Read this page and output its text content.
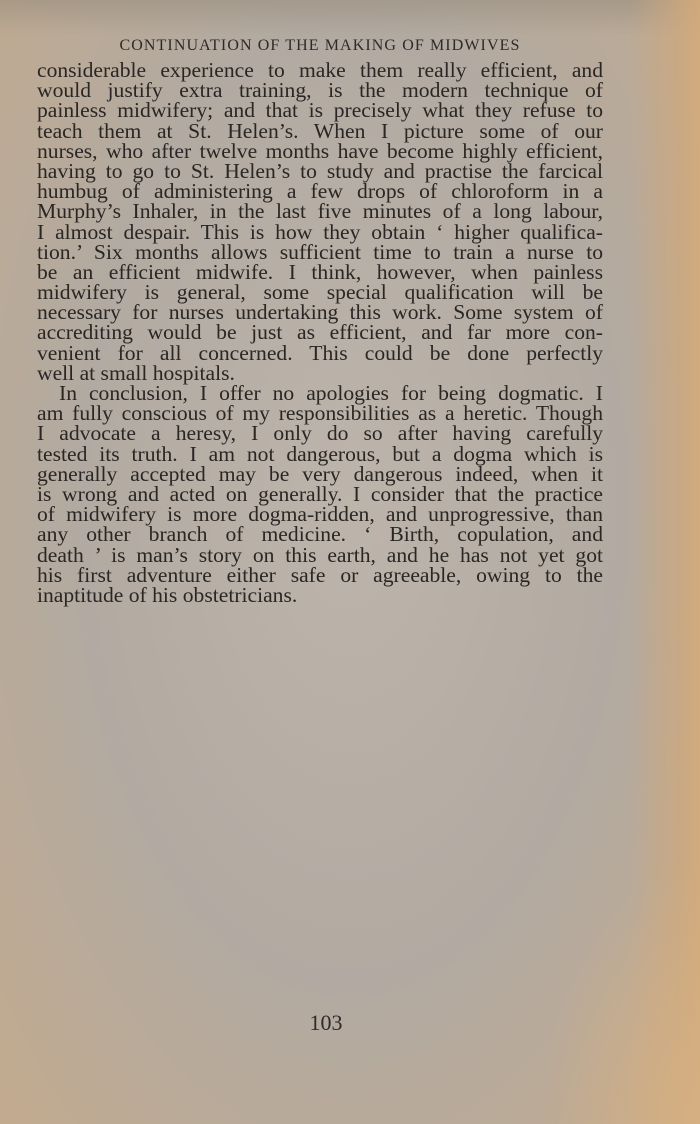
CONTINUATION OF THE MAKING OF MIDWIVES
considerable experience to make them really efficient, and
would justify extra training, is the modern technique of
painless midwifery; and that is precisely what they refuse to
teach them at St. Helen’s. When I picture some of our
nurses, who after twelve months have become highly efficient,
having to go to St. Helen’s to study and practise the farcical
humbug of administering a few drops of chloroform in a
Murphy’s Inhaler, in the last five minutes of a long labour,
I almost despair. This is how they obtain ‘ higher qualifica-
tion.’ Six months allows sufficient time to train a nurse to
be an efficient midwife. I think, however, when painless
midwifery is general, some special qualification will be
necessary for nurses undertaking this work. Some system of
accrediting would be just as efficient, and far more con-
venient for all concerned. This could be done perfectly
well at small hospitals.
In conclusion, I offer no apologies for being dogmatic. I
am fully conscious of my responsibilities as a heretic. Though
I advocate a heresy, I only do so after having carefully
tested its truth. I am not dangerous, but a dogma which is
generally accepted may be very dangerous indeed, when it
is wrong and acted on generally. I consider that the practice
of midwifery is more dogma-ridden, and unprogressive, than
any other branch of medicine. ‘ Birth, copulation, and
death ’ is man’s story on this earth, and he has not yet got
his first adventure either safe or agreeable, owing to the
inaptitude of his obstetricians.
103
